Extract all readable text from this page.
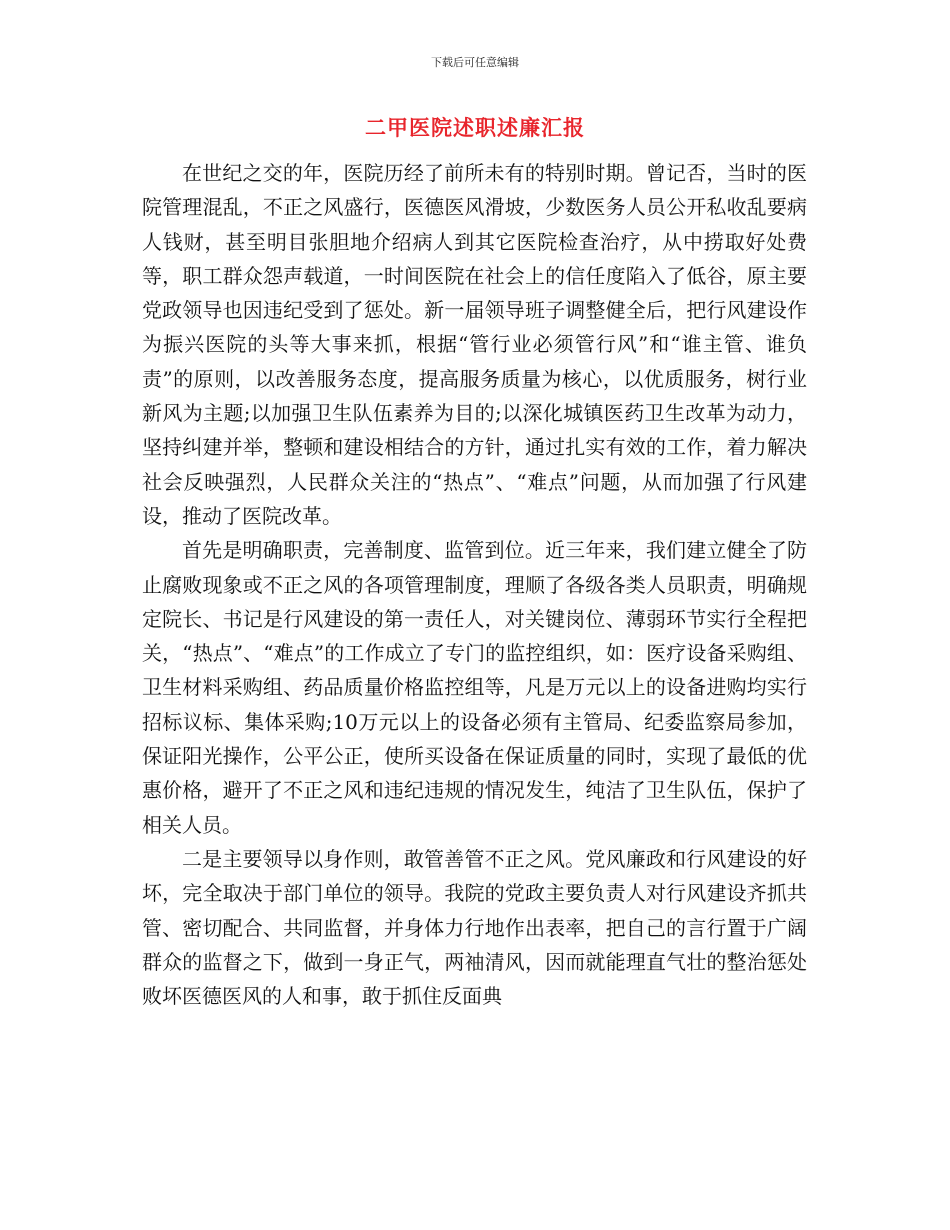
下载后可任意编辑
二甲医院述职述廉汇报

在世纪之交的年，医院历经了前所未有的特别时期。曾记否，当时的医院管理混乱，不正之风盛行，医德医风滑坡，少数医务人员公开私收乱要病人钱财，甚至明目张胆地介绍病人到其它医院检查治疗，从中捞取好处费等，职工群众怨声载道，一时间医院在社会上的信任度陷入了低谷，原主要党政领导也因违纪受到了惩处。新一届领导班子调整健全后，把行风建设作为振兴医院的头等大事来抓，根据“管行业必须管行风”和“谁主管、谁负责”的原则，以改善服务态度，提高服务质量为核心，以优质服务，树行业新风为主题;以加强卫生队伍素养为目的;以深化城镇医药卫生改革为动力，坚持纠建并举，整顿和建设相结合的方针，通过扎实有效的工作，着力解决社会反映强烈，人民群众关注的“热点”、“难点”问题，从而加强了行风建设，推动了医院改革。

首先是明确职责，完善制度、监管到位。近三年来，我们建立健全了防止腐败现象或不正之风的各项管理制度，理顺了各级各类人员职责，明确规定院长、书记是行风建设的第一责任人，对关键岗位、薄弱环节实行全程把关，“热点”、“难点”的工作成立了专门的监控组织，如：医疗设备采购组、卫生材料采购组、药品质量价格监控组等，凡是万元以上的设备进购均实行招标议标、集体采购;10万元以上的设备必须有主管局、纪委监察局参加，保证阳光操作，公平公正，使所买设备在保证质量的同时，实现了最低的优惠价格，避开了不正之风和违纪违规的情况发生，纯洁了卫生队伍，保护了相关人员。

二是主要领导以身作则，敢管善管不正之风。党风廉政和行风建设的好坏，完全取决于部门单位的领导。我院的党政主要负责人对行风建设齐抓共管、密切配合、共同监督，并身体力行地作出表率，把自己的言行置于广阔群众的监督之下，做到一身正气，两袖清风，因而就能理直气壮的整治惩处败坏医德医风的人和事，敢于抓住反面典
